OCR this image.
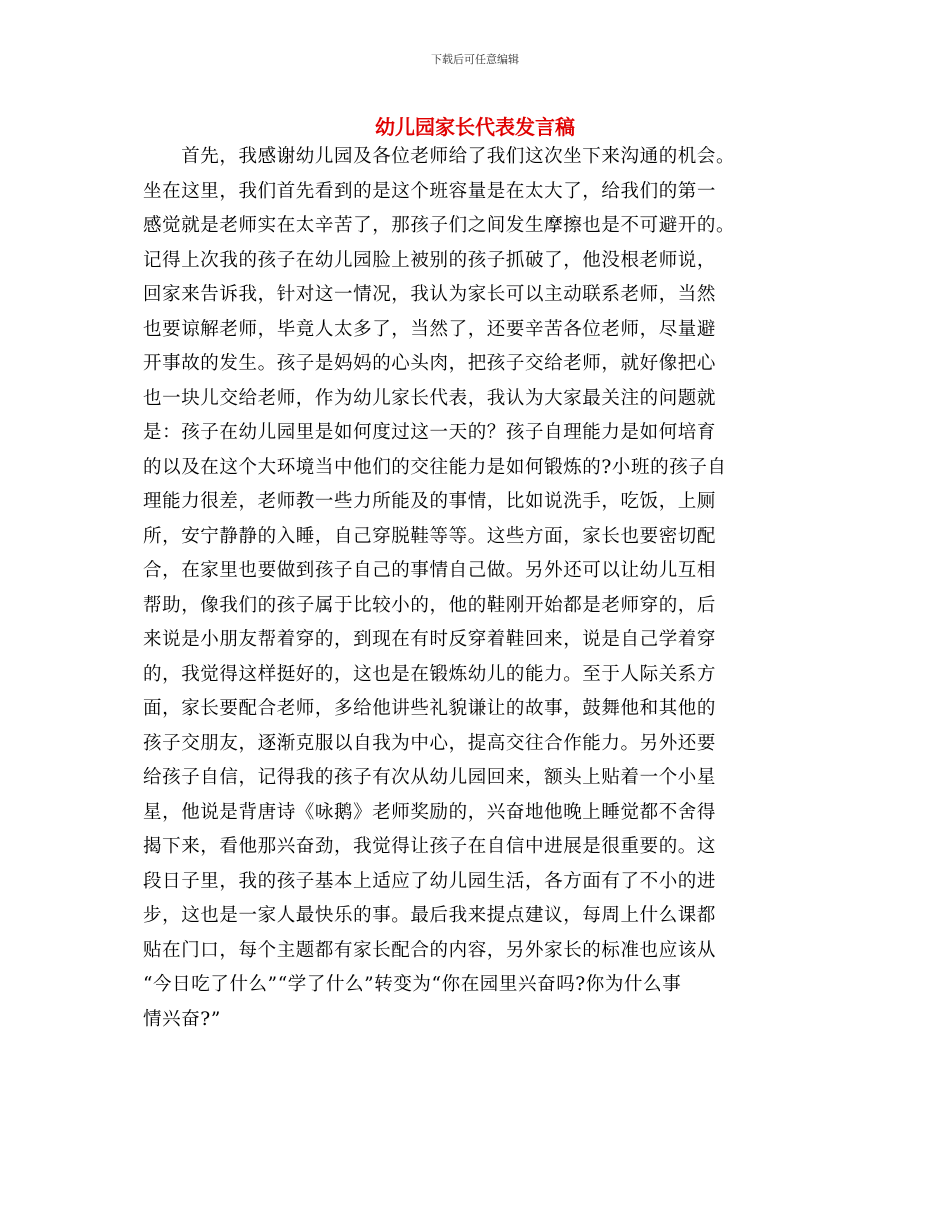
下载后可任意编辑
幼儿园家长代表发言稿
　　首先，我感谢幼儿园及各位老师给了我们这次坐下来沟通的机会。
坐在这里，我们首先看到的是这个班容量是在太大了，给我们的第一
感觉就是老师实在太辛苦了，那孩子们之间发生摩擦也是不可避开的。
记得上次我的孩子在幼儿园脸上被别的孩子抓破了，他没根老师说，
回家来告诉我，针对这一情况，我认为家长可以主动联系老师，当然
也要谅解老师，毕竟人太多了，当然了，还要辛苦各位老师，尽量避
开事故的发生。孩子是妈妈的心头肉，把孩子交给老师，就好像把心
也一块儿交给老师，作为幼儿家长代表，我认为大家最关注的问题就
是：孩子在幼儿园里是如何度过这一天的？孩子自理能力是如何培育
的以及在这个大环境当中他们的交往能力是如何锻炼的?小班的孩子自
理能力很差，老师教一些力所能及的事情，比如说洗手，吃饭，上厕
所，安宁静静的入睡，自己穿脱鞋等等。这些方面，家长也要密切配
合，在家里也要做到孩子自己的事情自己做。另外还可以让幼儿互相
帮助，像我们的孩子属于比较小的，他的鞋刚开始都是老师穿的，后
来说是小朋友帮着穿的，到现在有时反穿着鞋回来，说是自己学着穿
的，我觉得这样挺好的，这也是在锻炼幼儿的能力。至于人际关系方
面，家长要配合老师，多给他讲些礼貌谦让的故事，鼓舞他和其他的
孩子交朋友，逐渐克服以自我为中心，提高交往合作能力。另外还要
给孩子自信，记得我的孩子有次从幼儿园回来，额头上贴着一个小星
星，他说是背唐诗《咏鹅》老师奖励的，兴奋地他晚上睡觉都不舍得
揭下来，看他那兴奋劲，我觉得让孩子在自信中进展是很重要的。这
段日子里，我的孩子基本上适应了幼儿园生活，各方面有了不小的进
步，这也是一家人最快乐的事。最后我来提点建议，每周上什么课都
贴在门口，每个主题都有家长配合的内容，另外家长的标准也应该从
“今日吃了什么”“学了什么”转变为“你在园里兴奋吗?你为什么事
情兴奋?”
